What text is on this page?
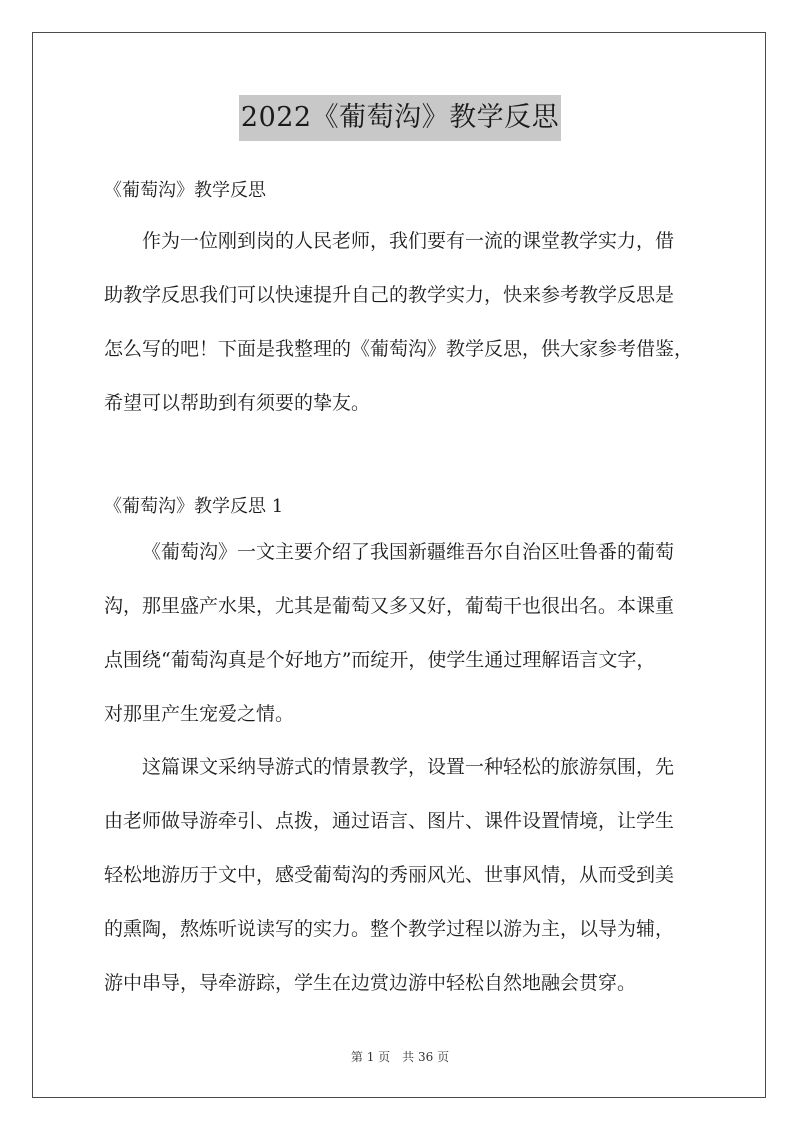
2022《葡萄沟》教学反思
《葡萄沟》教学反思
作为一位刚到岗的人民老师，我们要有一流的课堂教学实力，借
助教学反思我们可以快速提升自己的教学实力，快来参考教学反思是
怎么写的吧！下面是我整理的《葡萄沟》教学反思，供大家参考借鉴，
希望可以帮助到有须要的挚友。
《葡萄沟》教学反思 1
《葡萄沟》一文主要介绍了我国新疆维吾尔自治区吐鲁番的葡萄
沟，那里盛产水果，尤其是葡萄又多又好，葡萄干也很出名。本课重
点围绕“葡萄沟真是个好地方”而绽开，使学生通过理解语言文字，
对那里产生宠爱之情。
这篇课文采纳导游式的情景教学，设置一种轻松的旅游氛围，先
由老师做导游牵引、点拨，通过语言、图片、课件设置情境，让学生
轻松地游历于文中，感受葡萄沟的秀丽风光、世事风情，从而受到美
的熏陶，熬炼听说读写的实力。整个教学过程以游为主，以导为辅，
游中串导，导牵游踪，学生在边赏边游中轻松自然地融会贯穿。
第 1 页 共 36 页
